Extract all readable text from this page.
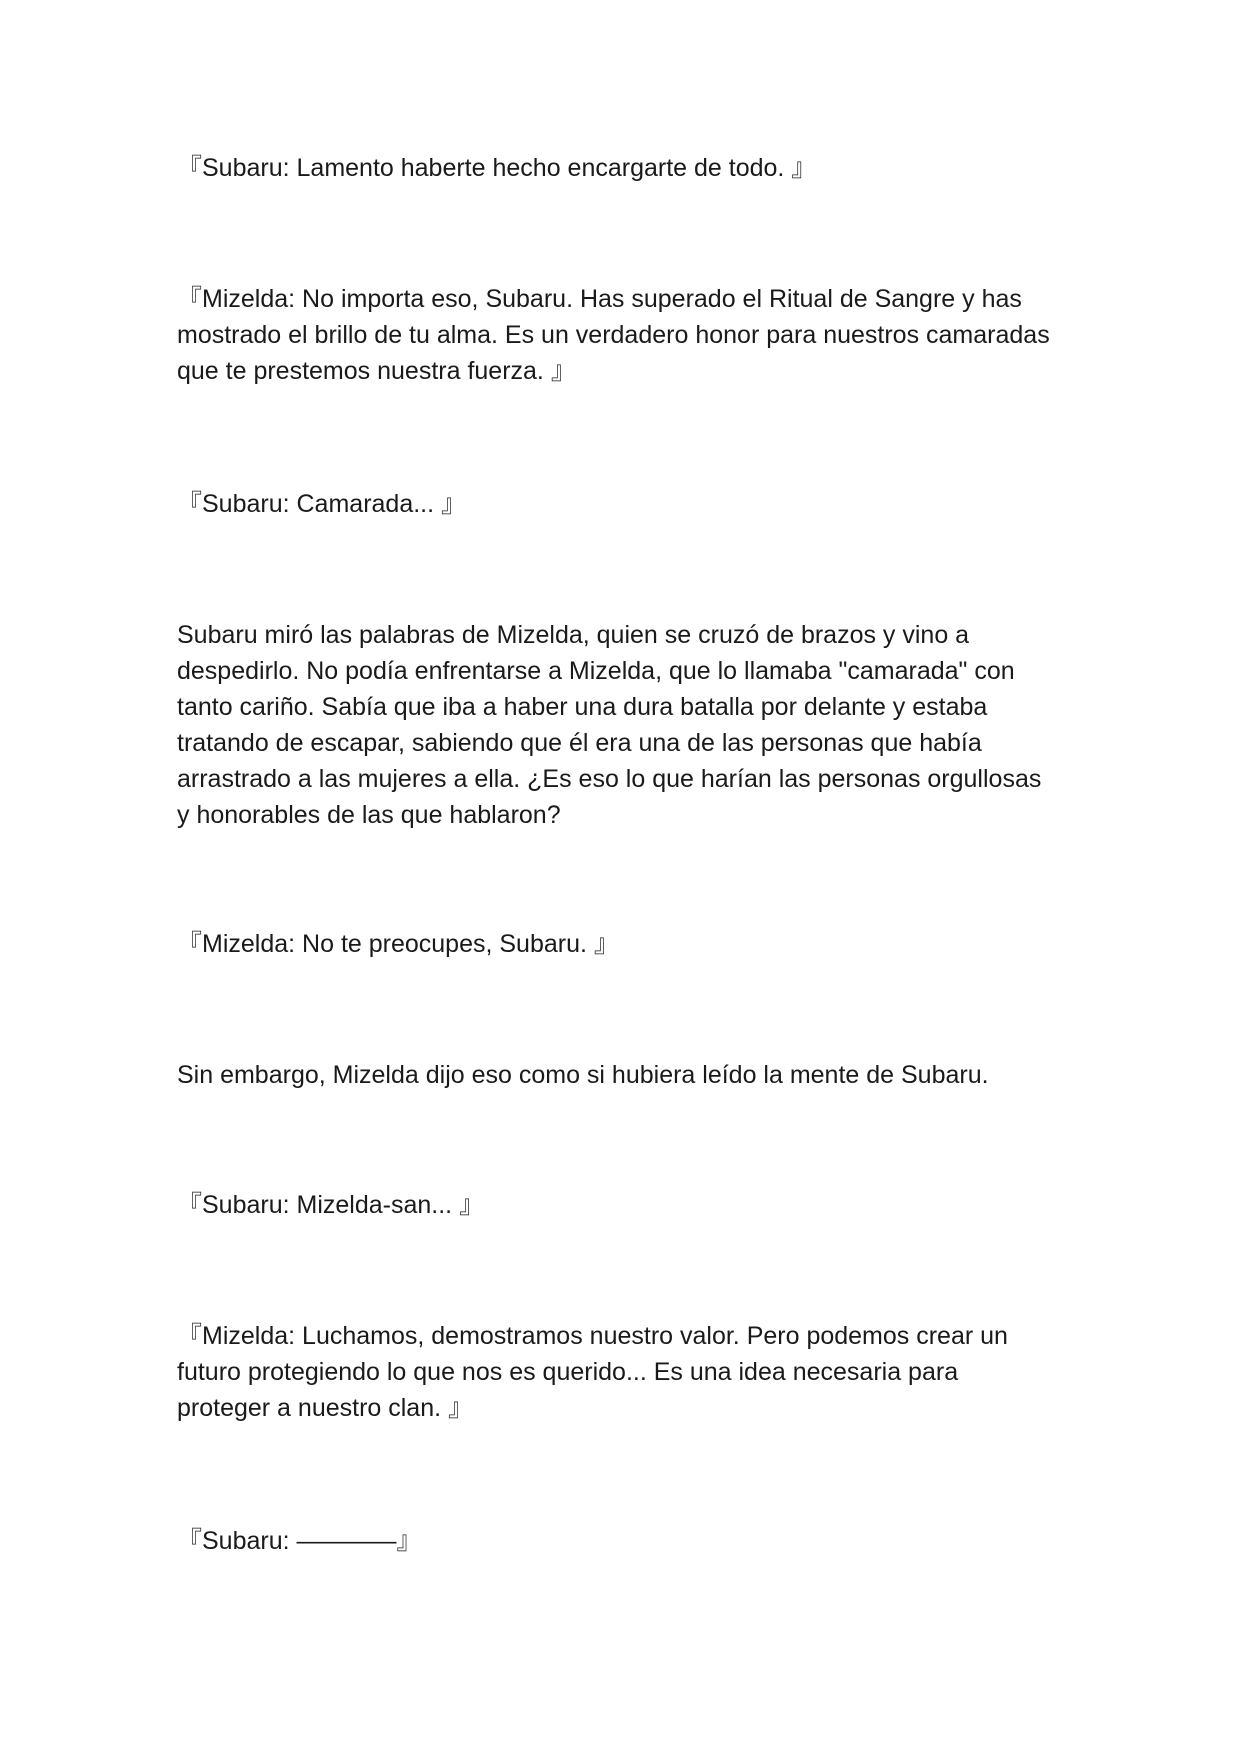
『Subaru: Lamento haberte hecho encargarte de todo. 』

『Mizelda: No importa eso, Subaru. Has superado el Ritual de Sangre y has mostrado el brillo de tu alma. Es un verdadero honor para nuestros camaradas que te prestemos nuestra fuerza. 』

『Subaru: Camarada... 』

Subaru miró las palabras de Mizelda, quien se cruzó de brazos y vino a despedirlo. No podía enfrentarse a Mizelda, que lo llamaba "camarada" con tanto cariño. Sabía que iba a haber una dura batalla por delante y estaba tratando de escapar, sabiendo que él era una de las personas que había arrastrado a las mujeres a ella. ¿Es eso lo que harían las personas orgullosas y honorables de las que hablaron?

『Mizelda: No te preocupes, Subaru. 』

Sin embargo, Mizelda dijo eso como si hubiera leído la mente de Subaru.

『Subaru: Mizelda-san... 』

『Mizelda: Luchamos, demostramos nuestro valor. Pero podemos crear un futuro protegiendo lo que nos es querido... Es una idea necesaria para proteger a nuestro clan. 』

『Subaru: ————』
